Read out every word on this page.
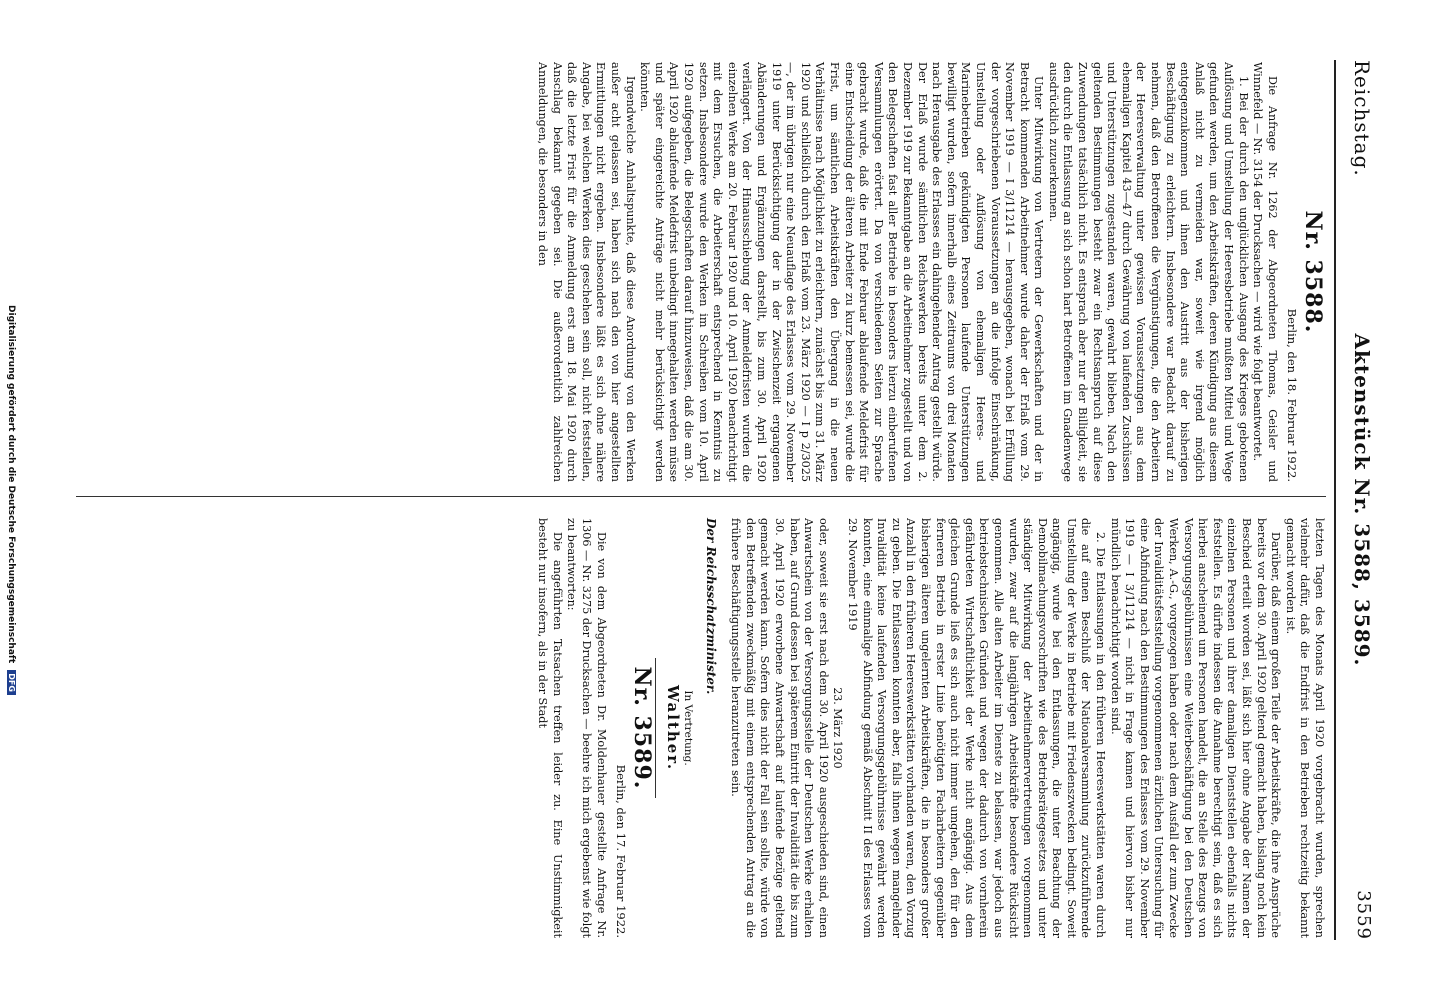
Reichstag.
Aktenstück Nr. 3588, 3589.
3559
Nr. 3588.
Berlin, den 18. Februar 1922.

Die Anfrage Nr. 1262 der Abgeordneten Thomas, Geisler und Winnefeld — Nr. 3154 der Drucksachen — wird wie folgt beantwortet.

1. Bei der durch den unglücklichen Ausgang des Krieges gebotenen Auflösung und Umstellung der Heeresbetriebe mußten Mittel und Wege gefunden werden, um den Arbeitskräften, deren Kündigung aus diesem Anlaß nicht zu vermeiden war, soweit wie irgend möglich entgegenzukommen und ihnen den Austritt aus der bisherigen Beschäftigung zu erleichtern. Insbesondere war Bedacht darauf zu nehmen, daß den Betroffenen die Vergünstigungen, die den Arbeitern der Heeresverwaltung unter gewissen Voraussetzungen aus dem ehemaligen Kapitel 43—47 durch Gewährung von laufenden Zuschüssen und Unterstützungen zugestanden waren, gewahrt blieben. Nach den geltenden Bestimmungen besteht zwar ein Rechtsanspruch auf diese Zuwendungen tatsächlich nicht. Es entsprach aber nur der Billigkeit, sie den durch die Entlassung an sich schon hart Betroffenen im Gnadenwege ausdrücklich zuzuerkennen.

Unter Mitwirkung von Vertretern der Gewerkschaften und der in Betracht kommenden Arbeitnehmer wurde daher der Erlaß vom 29. November 1919 — I 3/11214 — herausgegeben, wonach bei Erfüllung der vorgeschriebenen Voraussetzungen an die infolge Einschränkung, Umstellung oder Auflösung von ehemaligen Heeres- und Marinebetrieben gekündigten Personen laufende Unterstützungen bewilligt wurden, sofern innerhalb eines Zeitraums von drei Monaten nach Herausgabe des Erlasses ein dahingehender Antrag gestellt würde. Der Erlaß wurde sämtlichen Reichswerken bereits unter dem 2. Dezember 1919 zur Bekanntgabe an die Arbeitnehmer zugestellt und von den Belegschaften fast aller Betriebe in besonders hierzu einberufenen Versammlungen erörtert. Da von verschiedenen Seiten zur Sprache gebracht wurde, daß die mit Ende Februar ablaufende Meldefrist für eine Entscheidung der älteren Arbeiter zu kurz bemessen sei, wurde die Frist, um sämtlichen Arbeitskräften den Übergang in die neuen Verhältnisse nach Möglichkeit zu erleichtern, zunächst bis zum 31. März 1920 und schließlich durch den Erlaß vom 23. März 1920 — I p 2/3025 —, der im übrigen nur eine Neuauflage des Erlasses vom 29. November 1919 unter Berücksichtigung der in der Zwischenzeit ergangenen Abänderungen und Ergänzungen darstellt, bis zum 30. April 1920 verlängert. Von der Hinausschiebung der Anmeldefristen wurden die einzelnen Werke am 20. Februar 1920 und 10. April 1920 benachrichtigt mit dem Ersuchen, die Arbeiterschaft entsprechend in Kenntnis zu setzen. Insbesondere wurde den Werken im Schreiben vom 10. April 1920 aufgegeben, die Belegschaften darauf hinzuweisen, daß die am 30. April 1920 ablaufende Meldefrist unbedingt innegehalten werden müsse und später eingereichte Anträge nicht mehr berücksichtigt werden könnten.

Irgendwelche Anhaltspunkte, daß diese Anordnung von den Werken außer acht gelassen sei, haben sich nach den von hier angestellten Ermittlungen nicht ergeben. Insbesondere läßt es sich ohne nähere Angabe, bei welchen Werken dies geschehen sein soll, nicht feststellen, daß die letzte Frist für die Anmeldung erst am 18. Mai 1920 durch Anschlag bekannt gegeben sei. Die außerordentlich zahlreichen Anmeldungen, die besonders in den

letzten Tagen des Monats April 1920 vorgebracht wurden, sprechen vielmehr dafür, daß die Endfrist in den Betrieben rechtzeitig bekannt gemacht worden ist.

Darüber, daß einem großen Teile der Arbeitskräfte, die ihre Ansprüche bereits vor dem 30. April 1920 geltend gemacht haben, bislang noch kein Bescheid erteilt worden sei, läßt sich hier ohne Angabe der Namen der einzelnen Personen und ihrer damaligen Dienststellen ebenfalls nichts feststellen. Es dürfte indessen die Annahme berechtigt sein, daß es sich hierbei anscheinend um Personen handelt, die an Stelle des Bezugs von Versorgungsgebührnissen eine Weiterbeschäftigung bei den Deutschen Werken, A.-G., vorgezogen haben oder nach dem Ausfall der zum Zwecke der Invaliditätsfeststellung vorgenommenen ärztlichen Untersuchung für eine Abfindung nach den Bestimmungen des Erlasses vom 29. November 1919 — I 3/11214 — nicht in Frage kamen und hiervon bisher nur mündlich benachrichtigt worden sind.

2. Die Entlassungen in den früheren Heereswerkstätten waren durch die auf einen Beschluß der Nationalversammlung zurückzuführende Umstellung der Werke in Betriebe mit Friedenszwecken bedingt. Soweit angängig, wurde bei den Entlassungen, die unter Beachtung der Demobilmachungsvorschriften wie des Betriebsrätegesetzes und unter ständiger Mitwirkung der Arbeitnehmervertretungen vorgenommen wurden, zwar auf die langjährigen Arbeitskräfte besondere Rücksicht genommen. Alle alten Arbeiter im Dienste zu belassen, war jedoch aus betriebstechnischen Gründen und wegen der dadurch von vornherein gefährdeten Wirtschaftlichkeit der Werke nicht angängig. Aus dem gleichen Grunde ließ es sich auch nicht immer umgehen, den für den ferneren Betrieb in erster Linie benötigten Facharbeitern gegenüber bisherigen älteren ungelernten Arbeitskräften, die in besonders großer Anzahl in den früheren Heereswerkstätten vorhanden waren, den Vorzug zu geben. Die Entlassenen konnten aber, falls ihnen wegen mangelnder Invalidität keine laufenden Versorgungsgebührnisse gewährt werden konnten, eine einmalige Abfindung gemäß Abschnitt II des Erlasses vom 29. November 1919

23. März 1920

oder, soweit sie erst nach dem 30. April 1920 ausgeschieden sind, einen Anwartschein von der Versorgungsstelle der Deutschen Werke erhalten haben, auf Grund dessen bei späterem Eintritt der Invalidität die bis zum 30. April 1920 erworbene Anwartschaft auf laufende Bezüge geltend gemacht werden kann. Sofern dies nicht der Fall sein sollte, würde von den Betreffenden zweckmäßig mit einem entsprechenden Antrag an die frühere Beschäftigungsstelle heranzutreten sein.

Der Reichsschatzminister.
In Vertretung.
Walther.
Nr. 3589.
Berlin, den 17. Februar 1922.

Die von dem Abgeordneten Dr. Moldenhauer gestellte Anfrage Nr. 1306 — Nr. 3275 der Drucksachen — beehre ich mich ergebenst wie folgt zu beantworten:

Die angeführten Tatsachen treffen leider zu. Eine Unstimmigkeit besteht nur insofern, als in der Stadt

Digitalisierung gefördert durch die Deutsche Forschungsgemeinschaft DFG
